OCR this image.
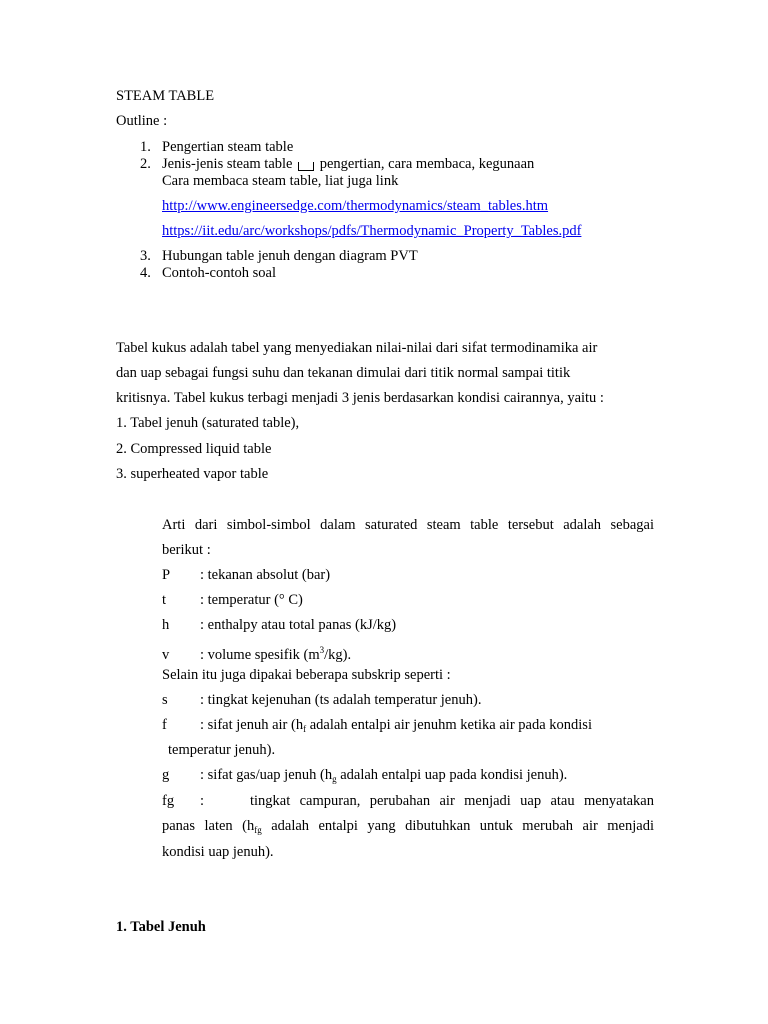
STEAM TABLE
Outline :
1. Pengertian steam table
2. Jenis-jenis steam table pengertian, cara membaca, kegunaan
Cara membaca steam table, liat juga link
http://www.engineersedge.com/thermodynamics/steam_tables.htm
https://iit.edu/arc/workshops/pdfs/Thermodynamic_Property_Tables.pdf
3. Hubungan table jenuh dengan diagram PVT
4. Contoh-contoh soal
Tabel kukus adalah tabel yang menyediakan nilai-nilai dari sifat termodinamika air
dan uap sebagai fungsi suhu dan tekanan dimulai dari titik normal sampai titik
kritisnya. Tabel kukus terbagi menjadi 3 jenis berdasarkan kondisi cairannya, yaitu :
1. Tabel jenuh (saturated table),
2. Compressed liquid table
3. superheated vapor table
Arti dari simbol-simbol dalam saturated steam table tersebut adalah sebagai
berikut :
P : tekanan absolut (bar)
t : temperatur (° C)
h : enthalpy atau total panas (kJ/kg)
v : volume spesifik $(m^3/kg)$.
Selain itu juga dipakai beberapa subskrip seperti :
s : tingkat kejenuhan (ts adalah temperatur jenuh).
f : sifat jenuh air ($h_f$ adalah entalpi air jenuhm ketika air pada kondisi
temperatur jenuh).
g : sifat gas/uap jenuh ($h_g$ adalah entalpi uap pada kondisi jenuh).
fg :	tingkat campuran, perubahan air menjadi uap atau menyatakan
panas laten ($h_{fg}$ adalah entalpi yang dibutuhkan untuk merubah air menjadi
kondisi uap jenuh).
1. Tabel Jenuh
